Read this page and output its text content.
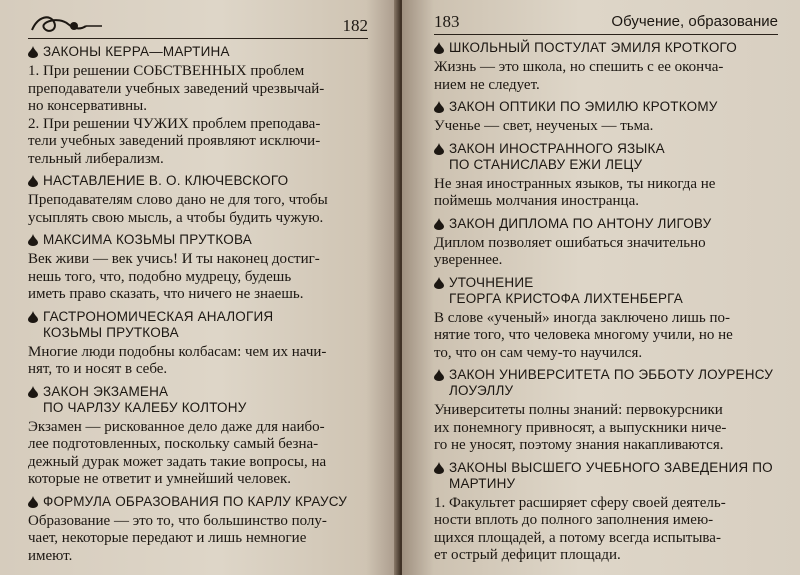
182
ЗАКОНЫ КЕРРА—МАРТИНА
1. При решении СОБСТВЕННЫХ проблем
преподаватели учебных заведений чрезвычай-
но консервативны.
2. При решении ЧУЖИХ проблем преподава-
тели учебных заведений проявляют исключи-
тельный либерализм.
НАСТАВЛЕНИЕ В. О. КЛЮЧЕВСКОГО
Преподавателям слово дано не для того, чтобы
усыплять свою мысль, а чтобы будить чужую.
МАКСИМА КОЗЬМЫ ПРУТКОВА
Век живи — век учись! И ты наконец достиг-
нешь того, что, подобно мудрецу, будешь
иметь право сказать, что ничего не знаешь.
ГАСТРОНОМИЧЕСКАЯ АНАЛОГИЯ
КОЗЬМЫ ПРУТКОВА
Многие люди подобны колбасам: чем их начи-
нят, то и носят в себе.
ЗАКОН ЭКЗАМЕНА
ПО ЧАРЛЗУ КАЛЕБУ КОЛТОНУ
Экзамен — рискованное дело даже для наибо-
лее подготовленных, поскольку самый безна-
дежный дурак может задать такие вопросы, на
которые не ответит и умнейший человек.
ФОРМУЛА ОБРАЗОВАНИЯ ПО КАРЛУ КРАУСУ
Образование — это то, что большинство полу-
чает, некоторые передают и лишь немногие
имеют.
183	Обучение, образование
ШКОЛЬНЫЙ ПОСТУЛАТ ЭМИЛЯ КРОТКОГО
Жизнь — это школа, но спешить с ее оконча-
нием не следует.
ЗАКОН ОПТИКИ ПО ЭМИЛЮ КРОТКОМУ
Ученье — свет, неученых — тьма.
ЗАКОН ИНОСТРАННОГО ЯЗЫКА
ПО СТАНИСЛАВУ ЕЖИ ЛЕЦУ
Не зная иностранных языков, ты никогда не
поймешь молчания иностранца.
ЗАКОН ДИПЛОМА ПО АНТОНУ ЛИГОВУ
Диплом позволяет ошибаться значительно
увереннее.
УТОЧНЕНИЕ
ГЕОРГА КРИСТОФА ЛИХТЕНБЕРГА
В слове «ученый» иногда заключено лишь по-
нятие того, что человека многому учили, но не
то, что он сам чему-то научился.
ЗАКОН УНИВЕРСИТЕТА ПО ЭББОТУ ЛОУРЕНСУ
ЛОУЭЛЛУ
Университеты полны знаний: первокурсники
их понемногу привносят, а выпускники ниче-
го не уносят, поэтому знания накапливаются.
ЗАКОНЫ ВЫСШЕГО УЧЕБНОГО ЗАВЕДЕНИЯ ПО
МАРТИНУ
1. Факультет расширяет сферу своей деятель-
ности вплоть до полного заполнения имею-
щихся площадей, а потому всегда испытыва-
ет острый дефицит площади.
